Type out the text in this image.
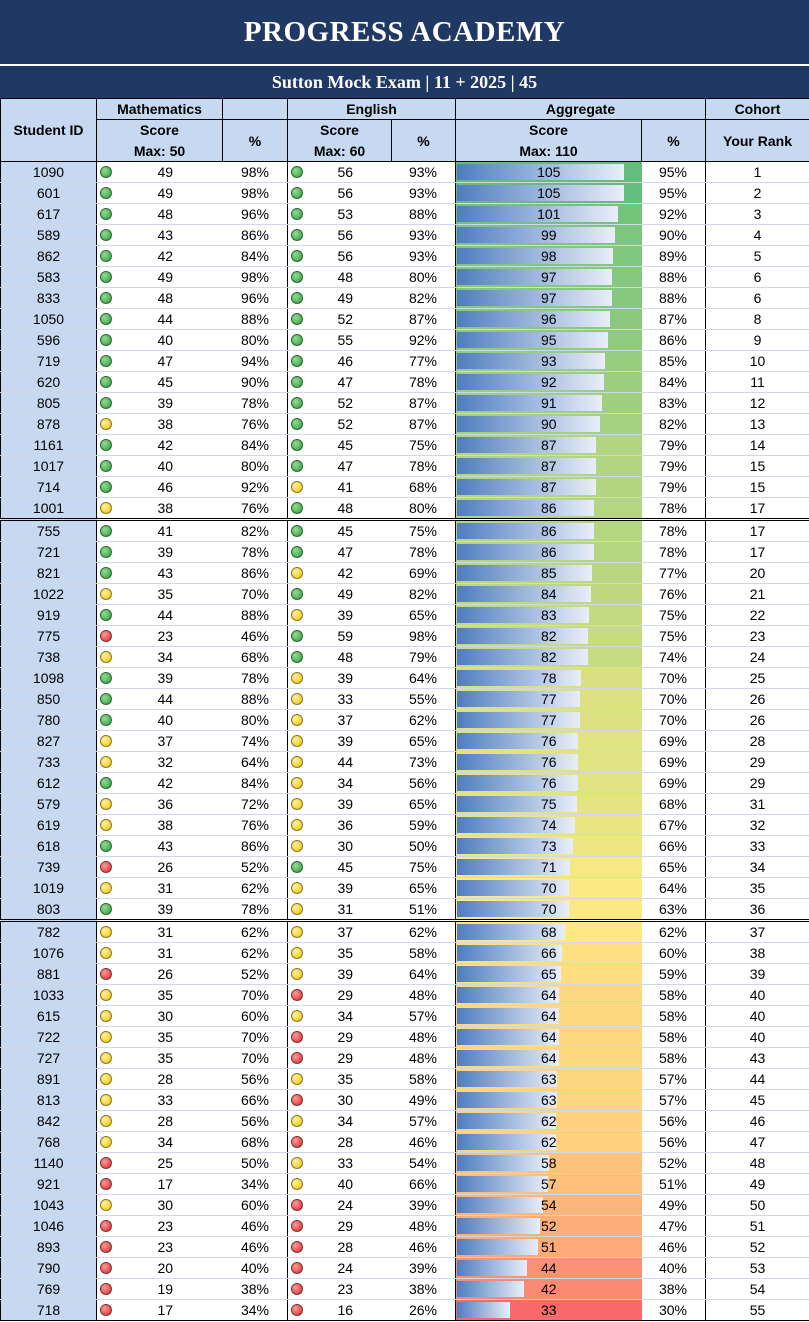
PROGRESS ACADEMY
Sutton Mock Exam | 11 + 2025 | 45
Student ID	Mathematics		English		Aggregate		Cohort
	Score	%	Score	%	Score	%	Your Rank
	Max: 50		Max: 60		Max: 110		
1090	49	98%	56	93%	105	95%	1
601	49	98%	56	93%	105	95%	2
617	48	96%	53	88%	101	92%	3
589	43	86%	56	93%	99	90%	4
862	42	84%	56	93%	98	89%	5
583	49	98%	48	80%	97	88%	6
833	48	96%	49	82%	97	88%	6
1050	44	88%	52	87%	96	87%	8
596	40	80%	55	92%	95	86%	9
719	47	94%	46	77%	93	85%	10
620	45	90%	47	78%	92	84%	11
805	39	78%	52	87%	91	83%	12
878	38	76%	52	87%	90	82%	13
1161	42	84%	45	75%	87	79%	14
1017	40	80%	47	78%	87	79%	15
714	46	92%	41	68%	87	79%	15
1001	38	76%	48	80%	86	78%	17
755	41	82%	45	75%	86	78%	17
721	39	78%	47	78%	86	78%	17
821	43	86%	42	69%	85	77%	20
1022	35	70%	49	82%	84	76%	21
919	44	88%	39	65%	83	75%	22
775	23	46%	59	98%	82	75%	23
738	34	68%	48	79%	82	74%	24
1098	39	78%	39	64%	78	70%	25
850	44	88%	33	55%	77	70%	26
780	40	80%	37	62%	77	70%	26
827	37	74%	39	65%	76	69%	28
733	32	64%	44	73%	76	69%	29
612	42	84%	34	56%	76	69%	29
579	36	72%	39	65%	75	68%	31
619	38	76%	36	59%	74	67%	32
618	43	86%	30	50%	73	66%	33
739	26	52%	45	75%	71	65%	34
1019	31	62%	39	65%	70	64%	35
803	39	78%	31	51%	70	63%	36
782	31	62%	37	62%	68	62%	37
1076	31	62%	35	58%	66	60%	38
881	26	52%	39	64%	65	59%	39
1033	35	70%	29	48%	64	58%	40
615	30	60%	34	57%	64	58%	40
722	35	70%	29	48%	64	58%	40
727	35	70%	29	48%	64	58%	43
891	28	56%	35	58%	63	57%	44
813	33	66%	30	49%	63	57%	45
842	28	56%	34	57%	62	56%	46
768	34	68%	28	46%	62	56%	47
1140	25	50%	33	54%	58	52%	48
921	17	34%	40	66%	57	51%	49
1043	30	60%	24	39%	54	49%	50
1046	23	46%	29	48%	52	47%	51
893	23	46%	28	46%	51	46%	52
790	20	40%	24	39%	44	40%	53
769	19	38%	23	38%	42	38%	54
718	17	34%	16	26%	33	30%	55
